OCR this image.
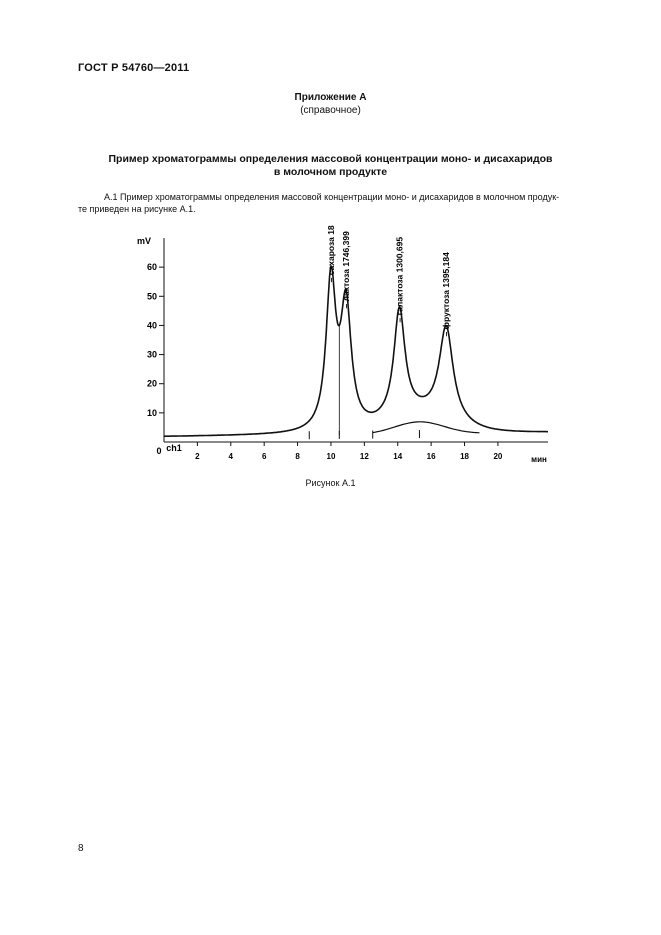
ГОСТ Р 54760—2011
Приложение А
(справочное)
Пример хроматограммы определения массовой концентрации моно- и дисахаридов
в молочном продукте
А.1 Пример хроматограммы определения массовой концентрации моно- и дисахаридов в молочном продук-
те приведен на рисунке А.1.
10
20
30
40
50
60
2	4	6	8	10	12	14	16	18	20
– сахароза 18 – лактоза 1746,399	– галактоза 1300,695	– фруктоза 1395,184
mV
мин
ch1
0
Рисунок А.1
8
